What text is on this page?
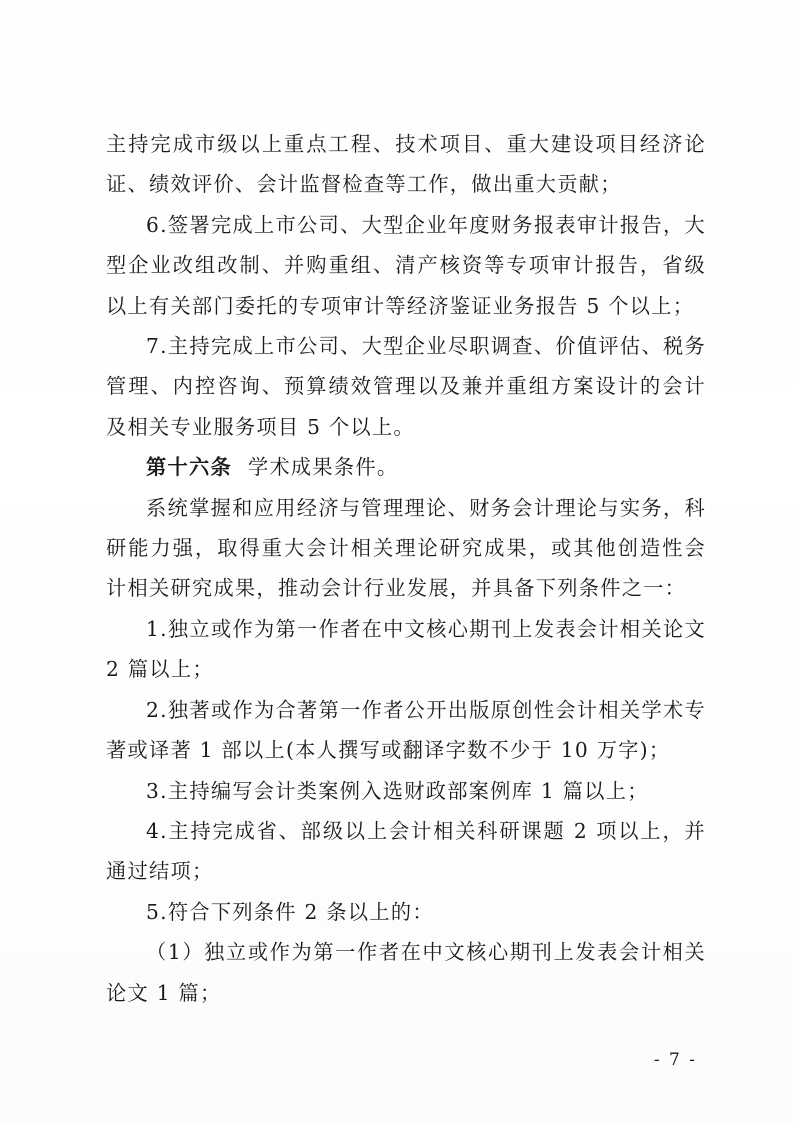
主持完成市级以上重点工程、技术项目、重大建设项目经济论证、绩效评价、会计监督检查等工作，做出重大贡献；

6.签署完成上市公司、大型企业年度财务报表审计报告，大型企业改组改制、并购重组、清产核资等专项审计报告，省级以上有关部门委托的专项审计等经济鉴证业务报告 5 个以上；

7.主持完成上市公司、大型企业尽职调查、价值评估、税务管理、内控咨询、预算绩效管理以及兼并重组方案设计的会计及相关专业服务项目 5 个以上。

第十六条 学术成果条件。

系统掌握和应用经济与管理理论、财务会计理论与实务，科研能力强，取得重大会计相关理论研究成果，或其他创造性会计相关研究成果，推动会计行业发展，并具备下列条件之一：

1.独立或作为第一作者在中文核心期刊上发表会计相关论文 2 篇以上；

2.独著或作为合著第一作者公开出版原创性会计相关学术专著或译著 1 部以上(本人撰写或翻译字数不少于 10 万字)；

3.主持编写会计类案例入选财政部案例库 1 篇以上；

4.主持完成省、部级以上会计相关科研课题 2 项以上，并通过结项；

5.符合下列条件 2 条以上的：

（1）独立或作为第一作者在中文核心期刊上发表会计相关论文 1 篇；

- 7 -
